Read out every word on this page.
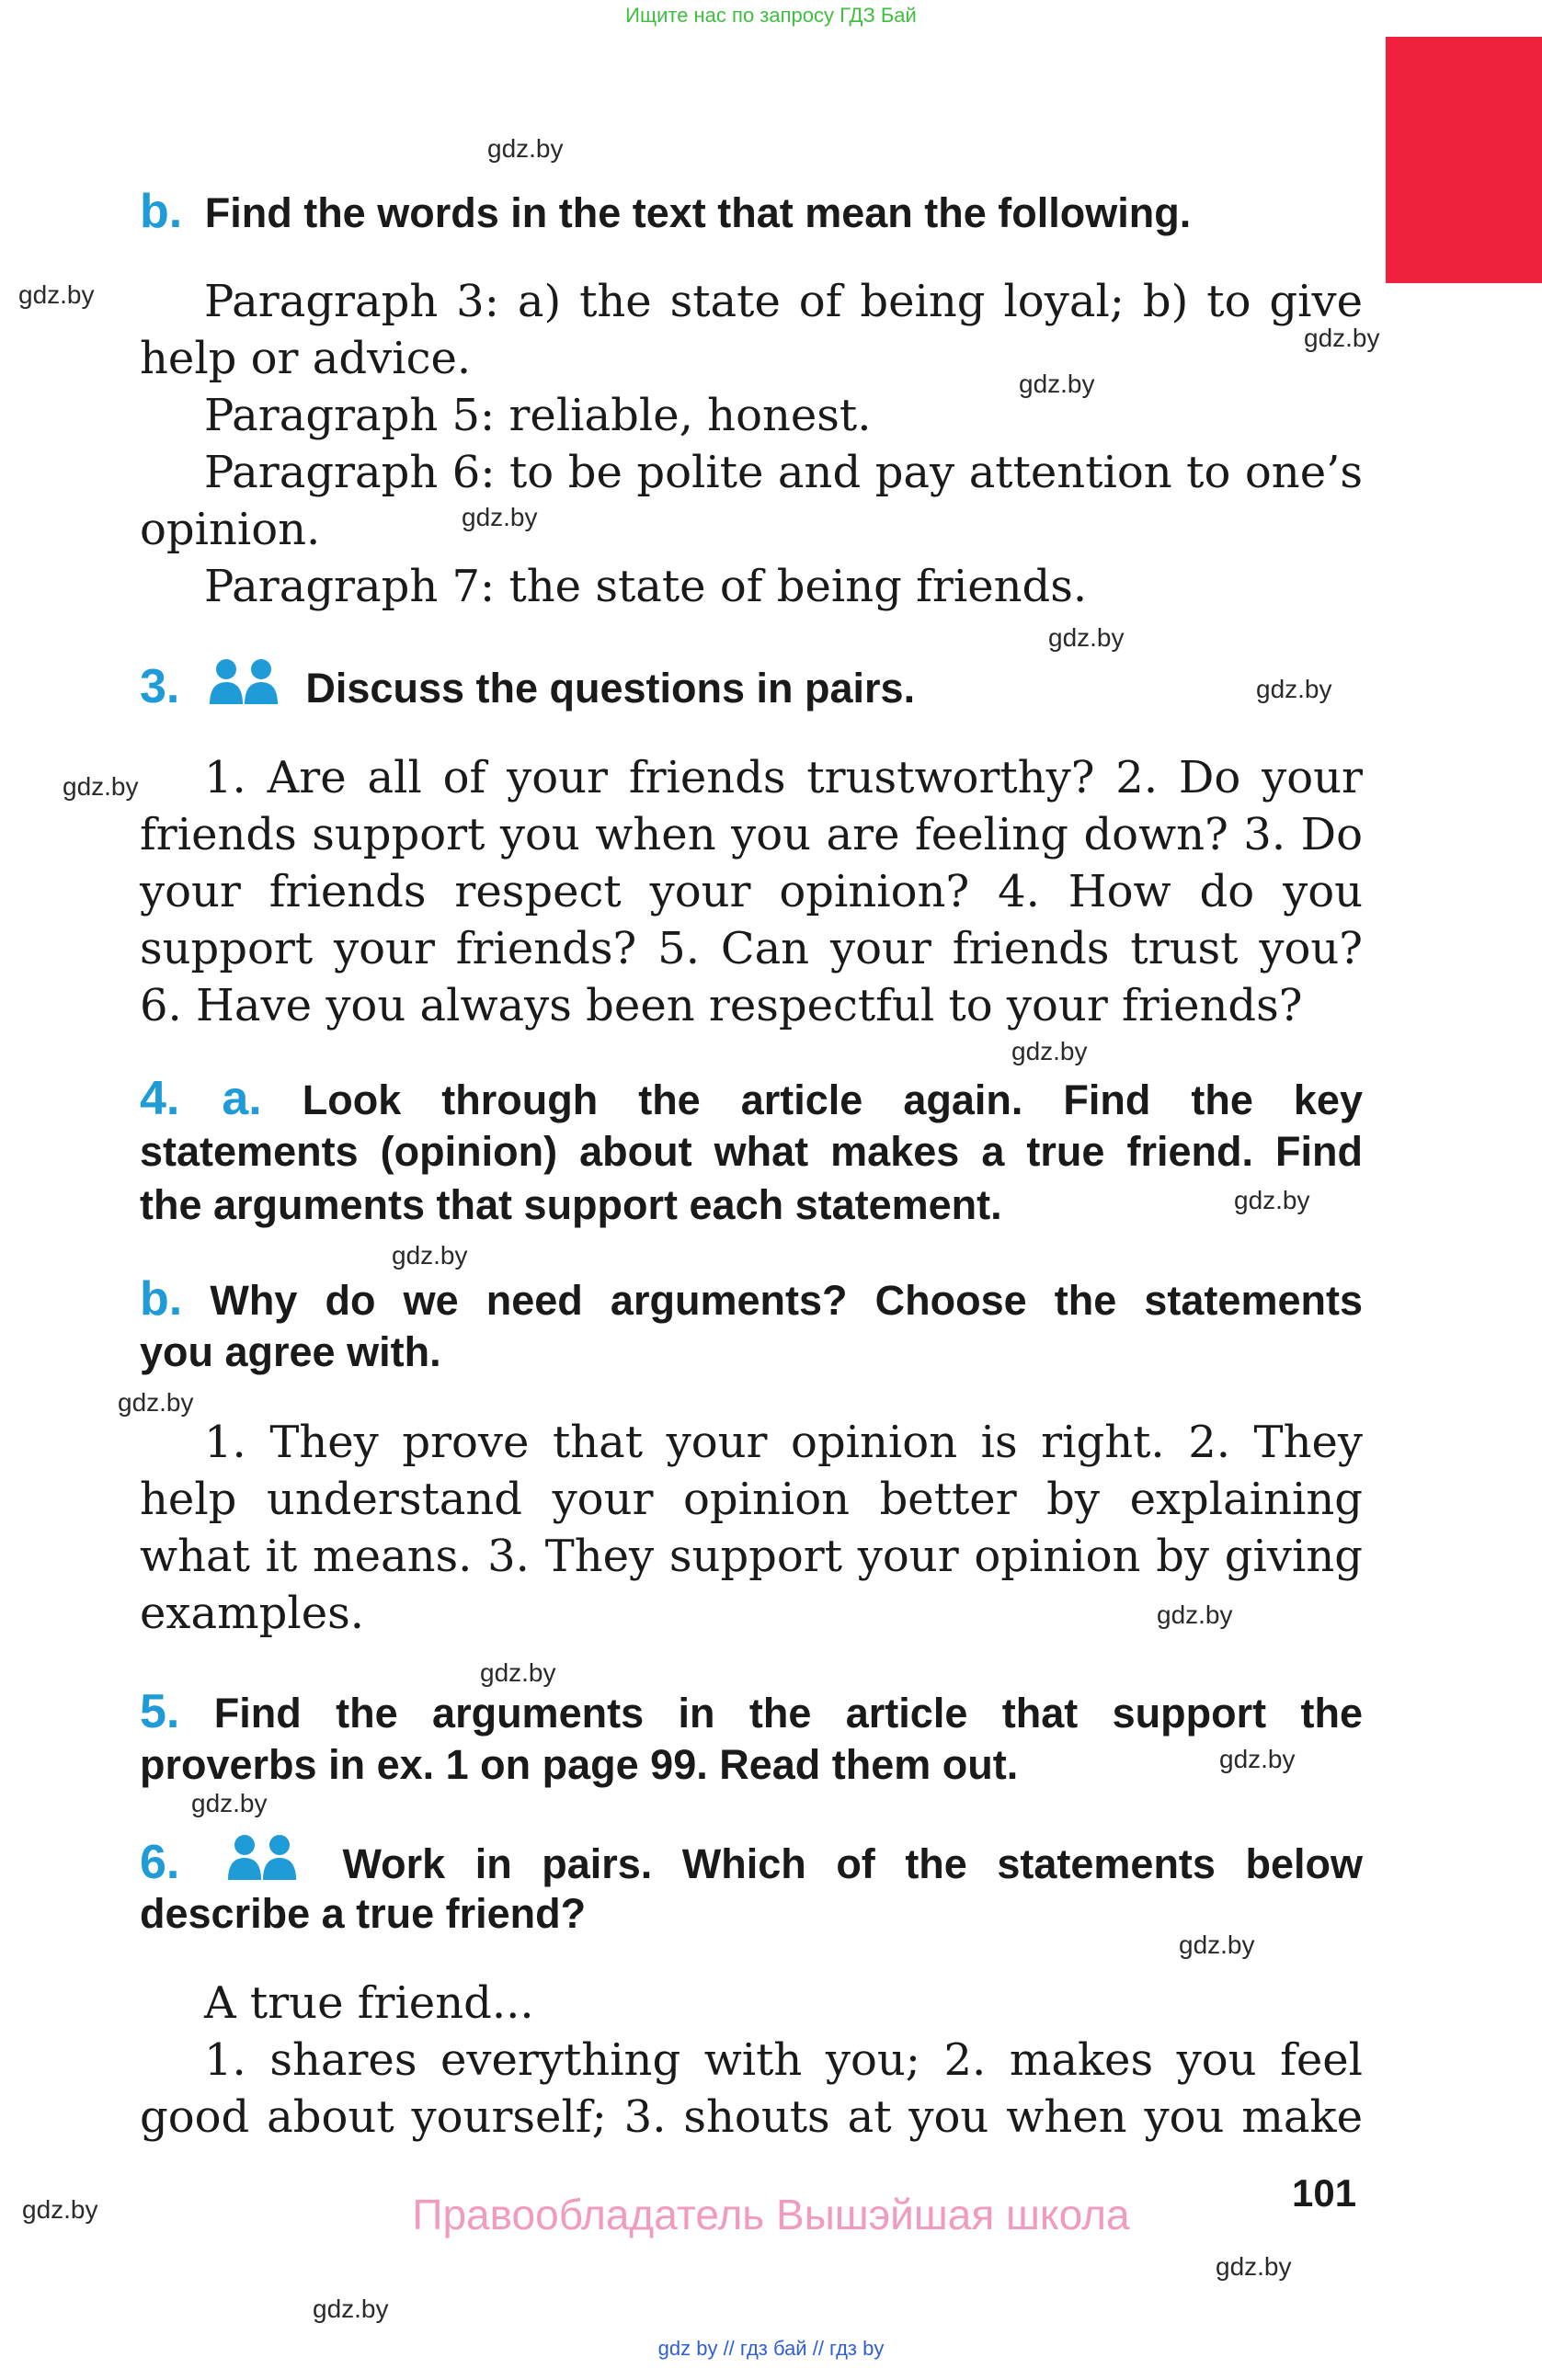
Ищите нас по запросу ГДЗ Бай
gdz.by
gdz.by
gdz.by
gdz.by
gdz.by
gdz.by
gdz.by
gdz.by
gdz.by
gdz.by
gdz.by
gdz.by
gdz.by
gdz.by
gdz.by
gdz.by
gdz.by
gdz.by
gdz.by
gdz.by
b. Find the words in the text that mean the following.
Paragraph 3: a) the state of being loyal; b) to give
help or advice.
Paragraph 5: reliable, honest.
Paragraph 6: to be polite and pay attention to one’s
opinion.
Paragraph 7: the state of being friends.
3.	Discuss the questions in pairs.
1. Are all of your friends trustworthy? 2. Do your
friends support you when you are feeling down? 3. Do
your friends respect your opinion? 4. How do you
support your friends? 5. Can your friends trust you?
6. Have you always been respectful to your friends?
4. a. Look through the article again. Find the key
statements (opinion) about what makes a true friend. Find
the arguments that support each statement.
b. Why do we need arguments? Choose the statements
you agree with.
1. They prove that your opinion is right. 2. They
help understand your opinion better by explaining
what it means. 3. They support your opinion by giving
examples.
5. Find the arguments in the article that support the
proverbs in ex. 1 on page 99. Read them out.
6.	Work in pairs. Which of the statements below
describe a true friend?
A true friend...
1. shares everything with you; 2. makes you feel
good about yourself; 3. shouts at you when you make
101
Правообладатель Вышэйшая школа
gdz by // гдз бай // гдз by
